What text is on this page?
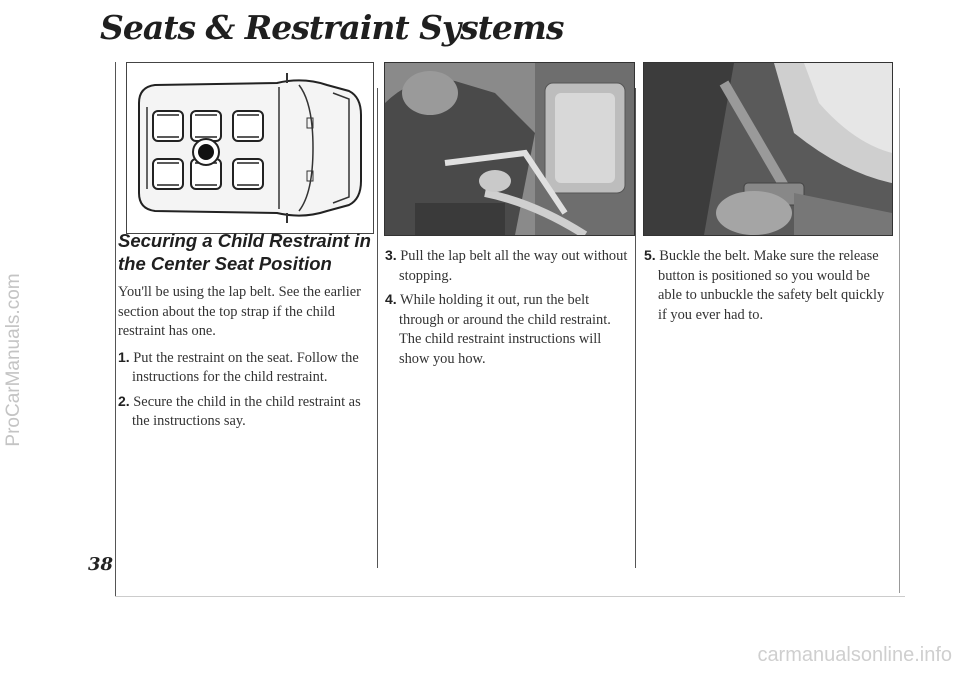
Seats & Restraint Systems
ProCarManuals.com
carmanualsonline.info
Securing a Child Restraint in the Center Seat Position

You'll be using the lap belt. See the earlier section about the top strap if the child restraint has one.

1. Put the restraint on the seat. Follow the instructions for the child restraint.

2. Secure the child in the child restraint as the instructions say.

3. Pull the lap belt all the way out without stopping.

4. While holding it out, run the belt through or around the child restraint. The child restraint instructions will show you how.

5. Buckle the belt. Make sure the release button is positioned so you would be able to unbuckle the safety belt quickly if you ever had to.

38
